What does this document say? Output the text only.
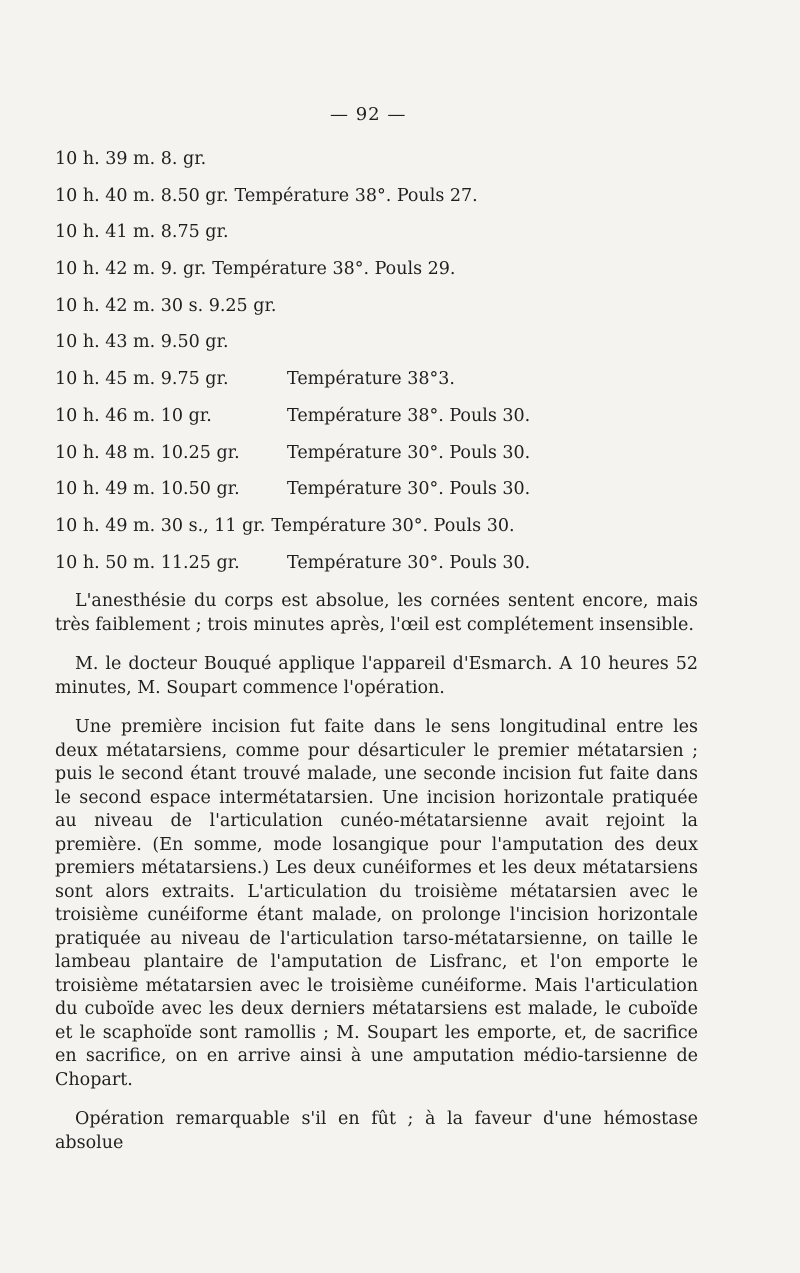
— 92 —
10 h. 39 m. 8. gr.
10 h. 40 m. 8.50 gr. Température 38°. Pouls 27.
10 h. 41 m. 8.75 gr.
10 h. 42 m. 9. gr. Température 38°. Pouls 29.
10 h. 42 m. 30 s. 9.25 gr.
10 h. 43 m. 9.50 gr.
10 h. 45 m. 9.75 gr.	Température 38°3.
10 h. 46 m. 10 gr.	Température 38°. Pouls 30.
10 h. 48 m. 10.25 gr.	Température 30°. Pouls 30.
10 h. 49 m. 10.50 gr.	Température 30°. Pouls 30.
10 h. 49 m. 30 s., 11 gr. Température 30°. Pouls 30.
10 h. 50 m. 11.25 gr.	Température 30°. Pouls 30.

L'anesthésie du corps est absolue, les cornées sentent encore, mais très faiblement ; trois minutes après, l'œil est complétement insensible.

M. le docteur Bouqué applique l'appareil d'Esmarch. A 10 heures 52 minutes, M. Soupart commence l'opération.

Une première incision fut faite dans le sens longitudinal entre les deux métatarsiens, comme pour désarticuler le premier métatarsien ; puis le second étant trouvé malade, une seconde incision fut faite dans le second espace intermétatarsien. Une incision horizontale pratiquée au niveau de l'articulation cunéo-métatarsienne avait rejoint la première. (En somme, mode losangique pour l'amputation des deux premiers métatarsiens.) Les deux cunéiformes et les deux métatarsiens sont alors extraits. L'articulation du troisième métatarsien avec le troisième cunéiforme étant malade, on prolonge l'incision horizontale pratiquée au niveau de l'articulation tarso-métatarsienne, on taille le lambeau plantaire de l'amputation de Lisfranc, et l'on emporte le troisième métatarsien avec le troisième cunéiforme. Mais l'articulation du cuboïde avec les deux derniers métatarsiens est malade, le cuboïde et le scaphoïde sont ramollis ; M. Soupart les emporte, et, de sacrifice en sacrifice, on en arrive ainsi à une amputation médio-tarsienne de Chopart.

Opération remarquable s'il en fût ; à la faveur d'une hémostase absolue
